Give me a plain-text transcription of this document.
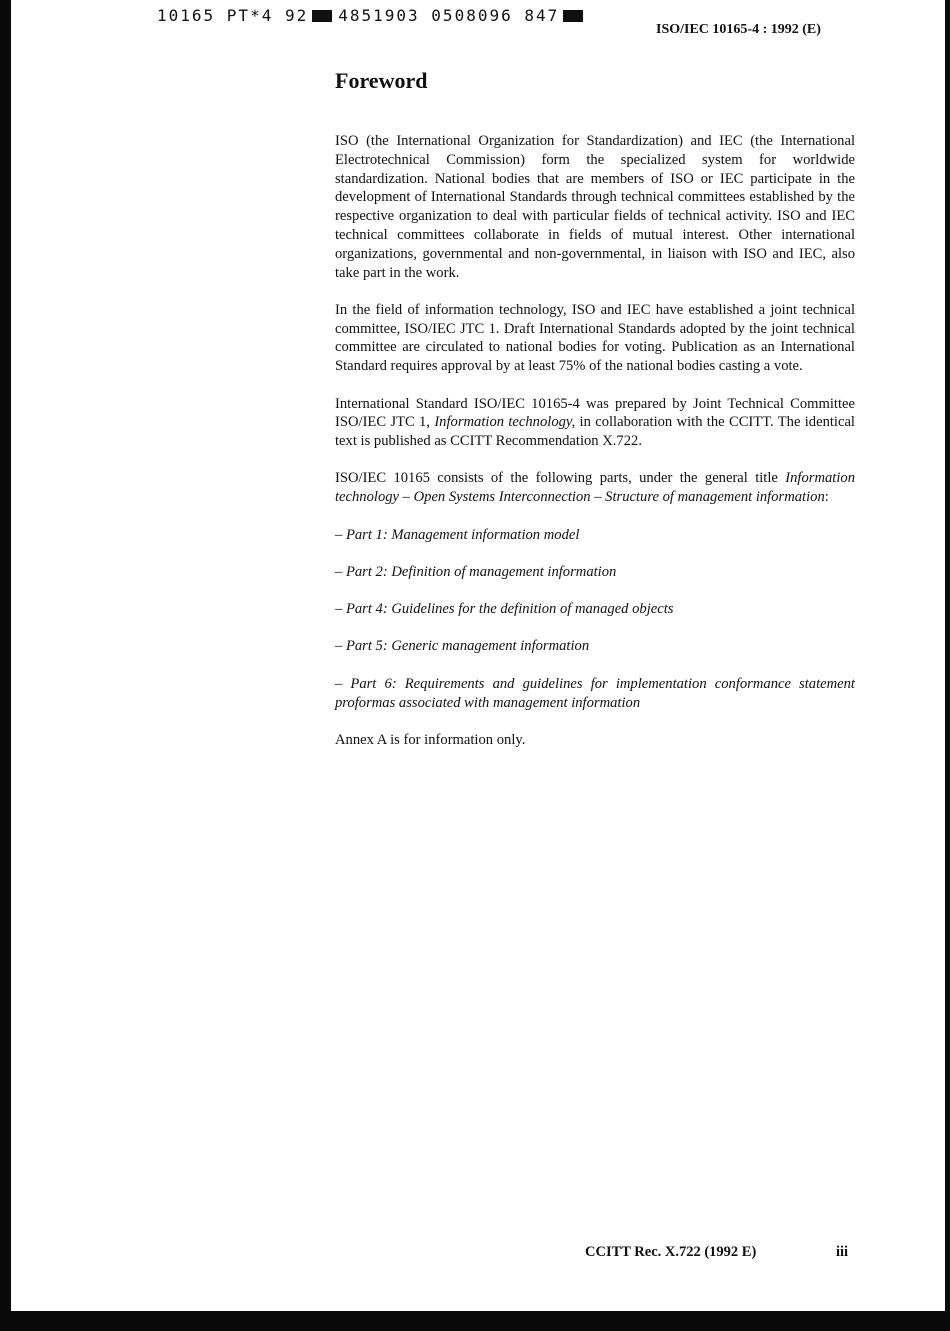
10165 PT*4 92 4851903 0508096 847
ISO/IEC 10165-4 : 1992 (E)
Foreword

ISO (the International Organization for Standardization) and IEC (the International Electrotechnical Commission) form the specialized system for worldwide standardization. National bodies that are members of ISO or IEC participate in the development of International Standards through technical committees established by the respective organization to deal with particular fields of technical activity. ISO and IEC technical committees collaborate in fields of mutual interest. Other international organizations, governmental and non-governmental, in liaison with ISO and IEC, also take part in the work.

In the field of information technology, ISO and IEC have established a joint technical committee, ISO/IEC JTC 1. Draft International Standards adopted by the joint technical committee are circulated to national bodies for voting. Publication as an International Standard requires approval by at least 75% of the national bodies casting a vote.

International Standard ISO/IEC 10165-4 was prepared by Joint Technical Committee ISO/IEC JTC 1, Information technology, in collaboration with the CCITT. The identical text is published as CCITT Recommendation X.722.

ISO/IEC 10165 consists of the following parts, under the general title Information technology – Open Systems Interconnection – Structure of management information:

– Part 1: Management information model

– Part 2: Definition of management information

– Part 4: Guidelines for the definition of managed objects

– Part 5: Generic management information

– Part 6: Requirements and guidelines for implementation conformance statement proformas associated with management information

Annex A is for information only.

CCITT Rec. X.722 (1992 E)	iii
